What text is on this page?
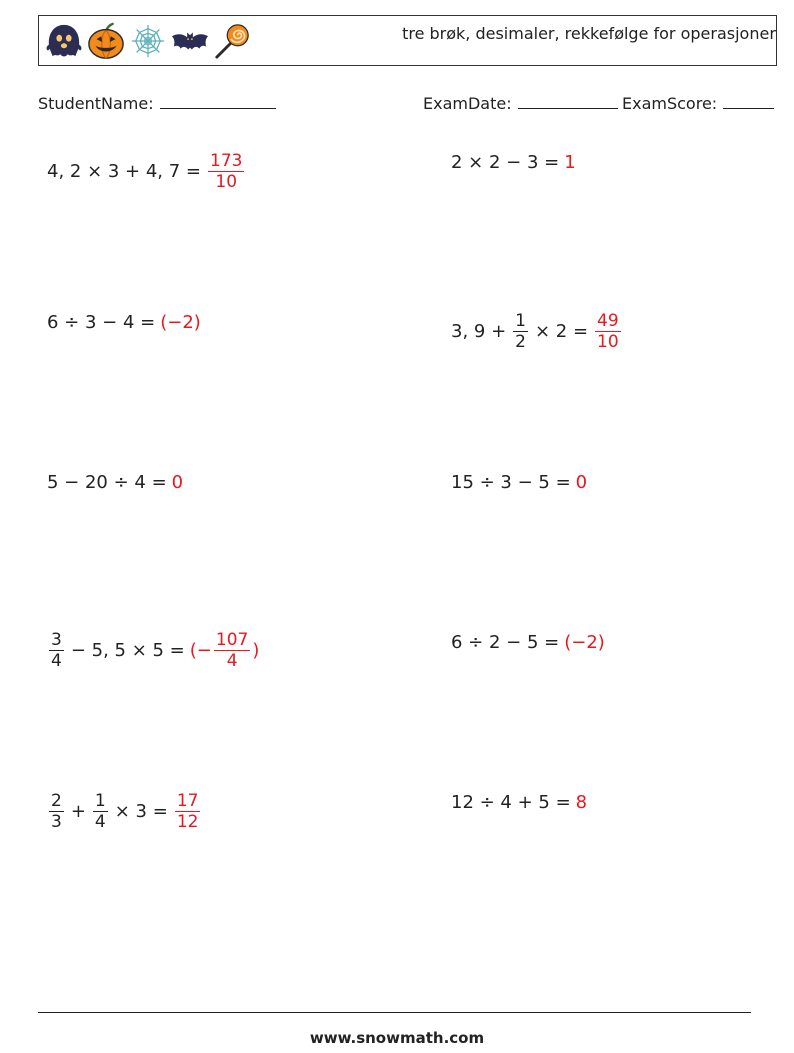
tre brøk, desimaler, rekkefølge for operasjoner
StudentName:	ExamDate:	ExamScore:
4, 2 × 3 + 4, $7 = \frac{173}{10}$	2 × 2 − 3 = 1
6 ÷ 3 − 4 = (−2)	3, $9 + \frac{1}{2} \times 2 = \frac{49}{10}$
5 − 20 ÷ 4 = 0	15 ÷ 3 − 5 = 0
$\frac{3}{4} - 5$, 5 × 5 = (− $\frac{107}{4}$ )	6 ÷ 2 − 5 = (−2)
$\frac{2}{3} + \frac{1}{4} \times 3 = \frac{17}{12}$	12 ÷ 4 + 5 = 8
www.snowmath.com
